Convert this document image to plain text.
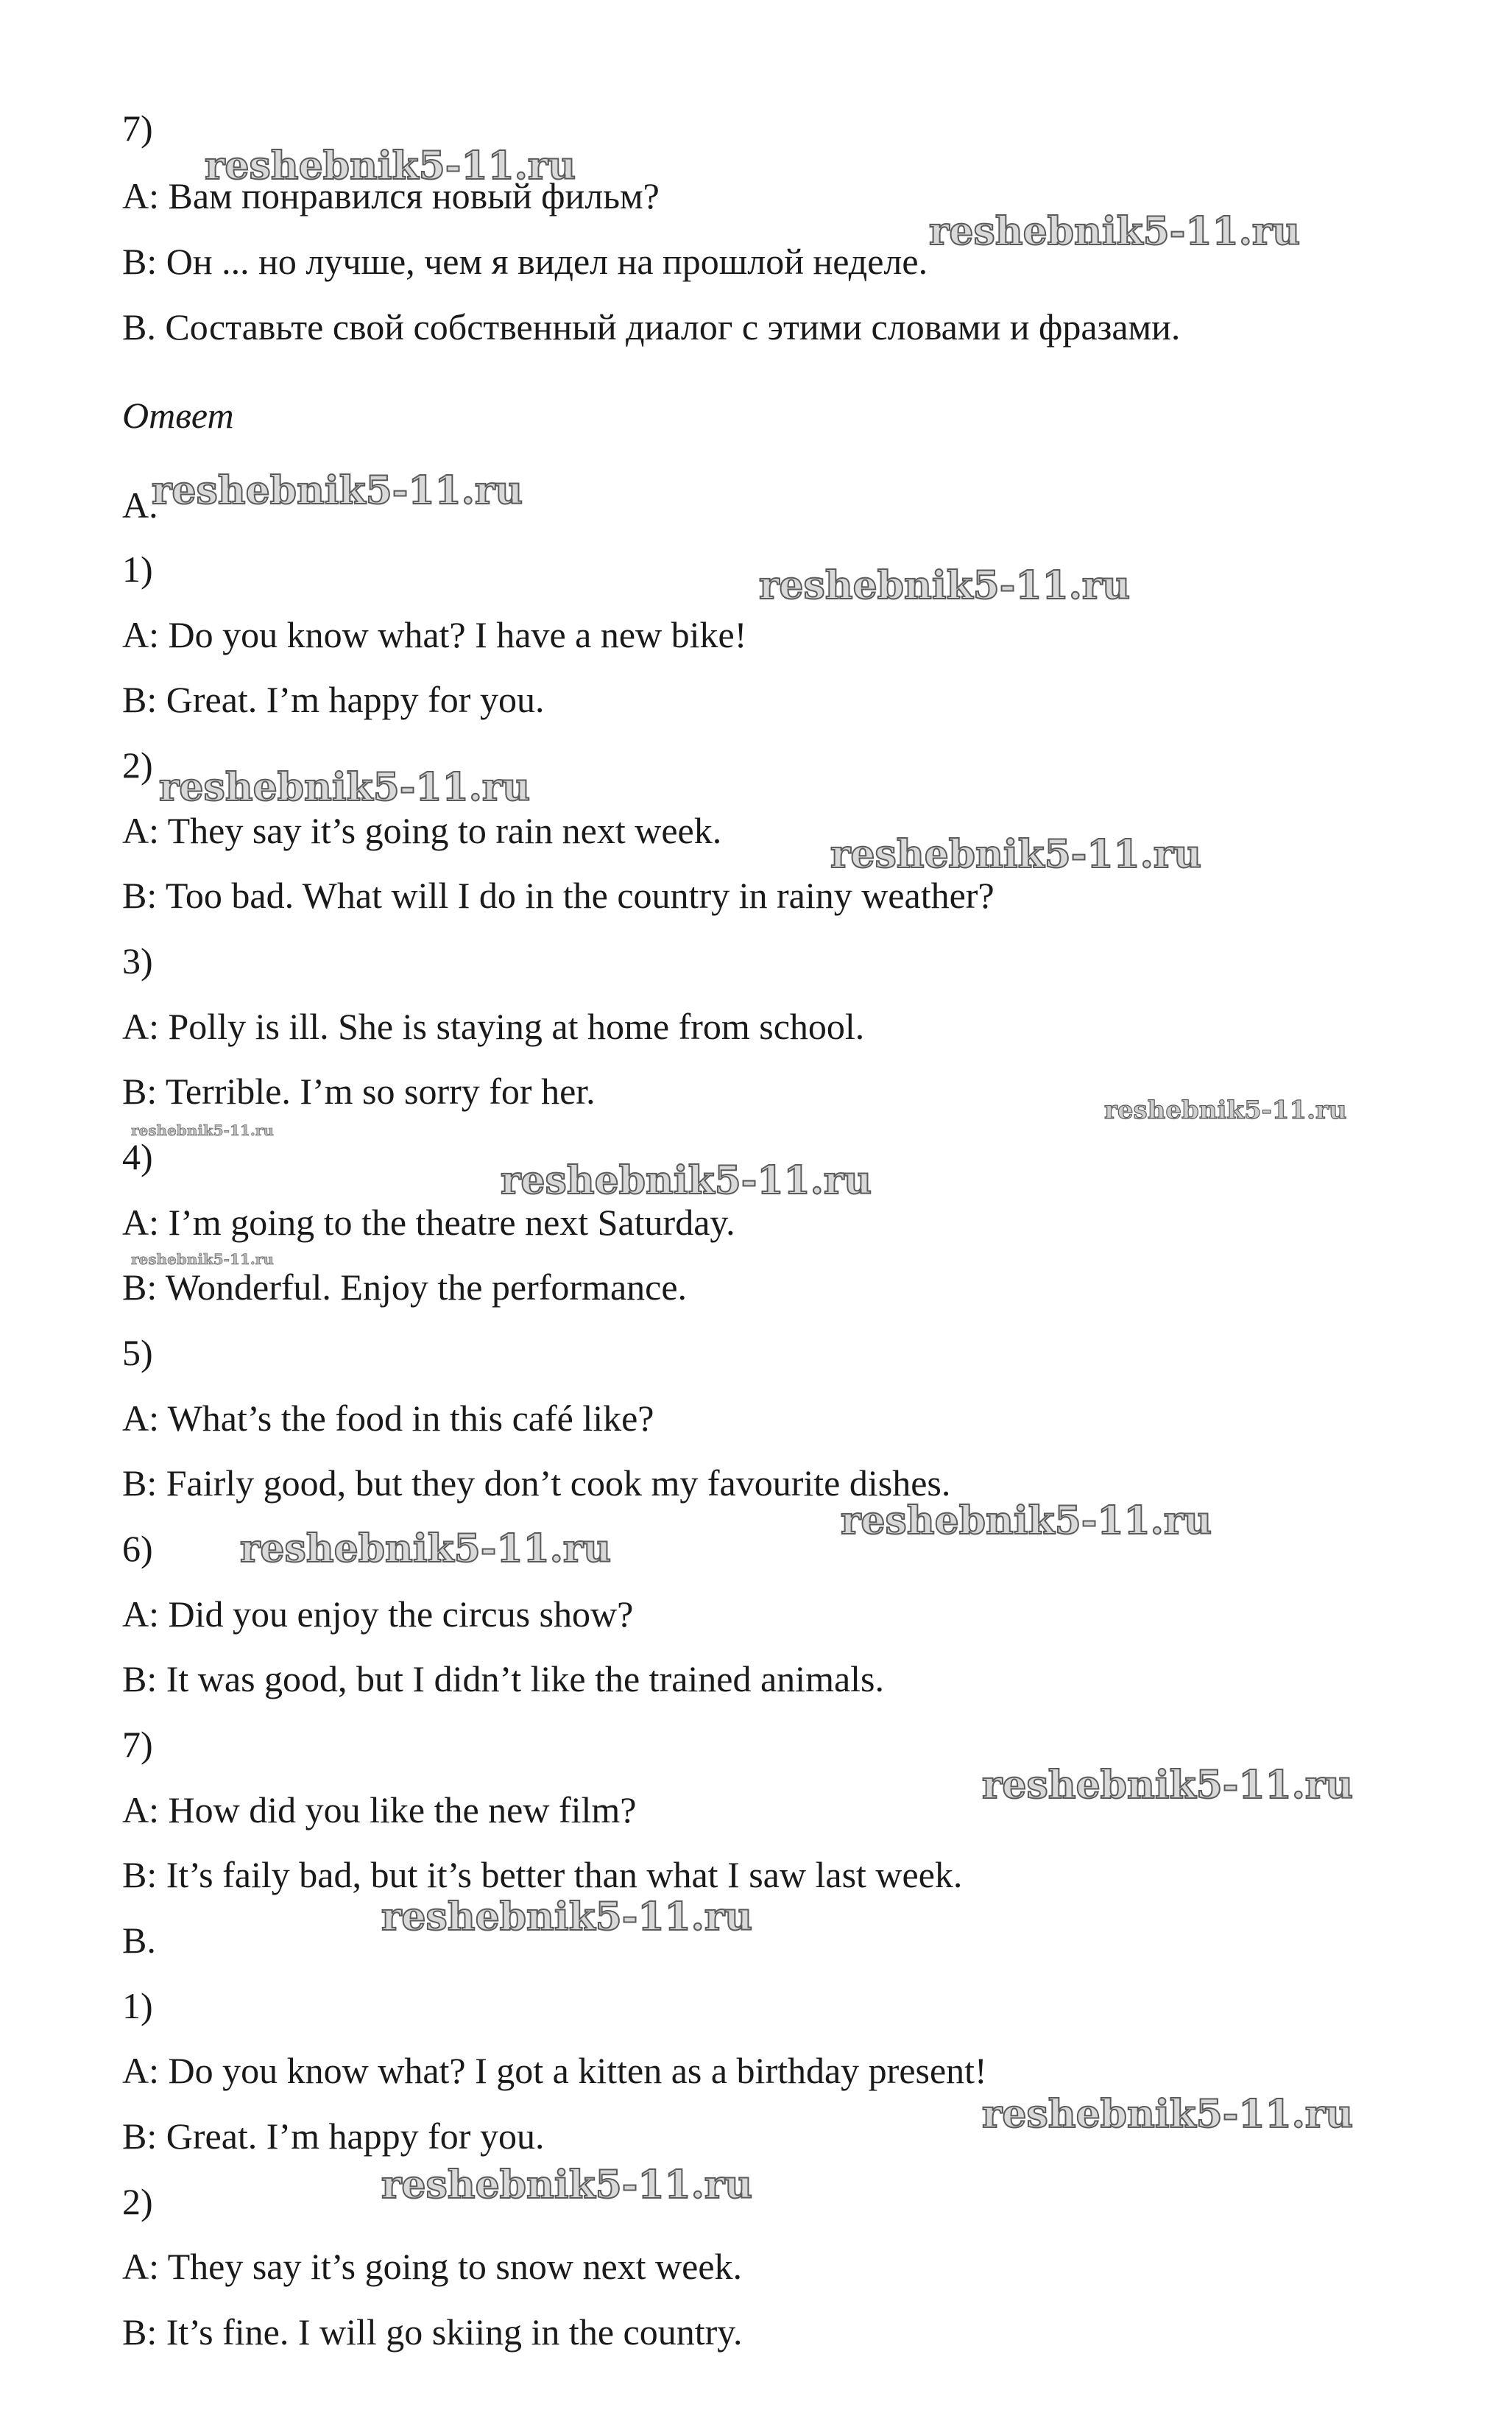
7)
A: Вам понравился новый фильм?
B: Он ... но лучше, чем я видел на прошлой неделе.
B. Составьте свой собственный диалог с этими словами и фразами.
Ответ
A.
1)
A: Do you know what? I have a new bike!
B: Great. I’m happy for you.
2)
A: They say it’s going to rain next week.
B: Too bad. What will I do in the country in rainy weather?
3)
A: Polly is ill. She is staying at home from school.
B: Terrible. I’m so sorry for her.
4)
A: I’m going to the theatre next Saturday.
B: Wonderful. Enjoy the performance.
5)
A: What’s the food in this café like?
B: Fairly good, but they don’t cook my favourite dishes.
6)
A: Did you enjoy the circus show?
B: It was good, but I didn’t like the trained animals.
7)
A: How did you like the new film?
B: It’s faily bad, but it’s better than what I saw last week.
B.
1)
A: Do you know what? I got a kitten as a birthday present!
B: Great. I’m happy for you.
2)
A: They say it’s going to snow next week.
B: It’s fine. I will go skiing in the country.
reshebnik5-11.ru
reshebnik5-11.ru
reshebnik5-11.ru
reshebnik5-11.ru
reshebnik5-11.ru
reshebnik5-11.ru
reshebnik5-11.ru
reshebnik5-11.ru
reshebnik5-11.ru
reshebnik5-11.ru
reshebnik5-11.ru
reshebnik5-11.ru
reshebnik5-11.ru
reshebnik5-11.ru
reshebnik5-11.ru
reshebnik5-11.ru
